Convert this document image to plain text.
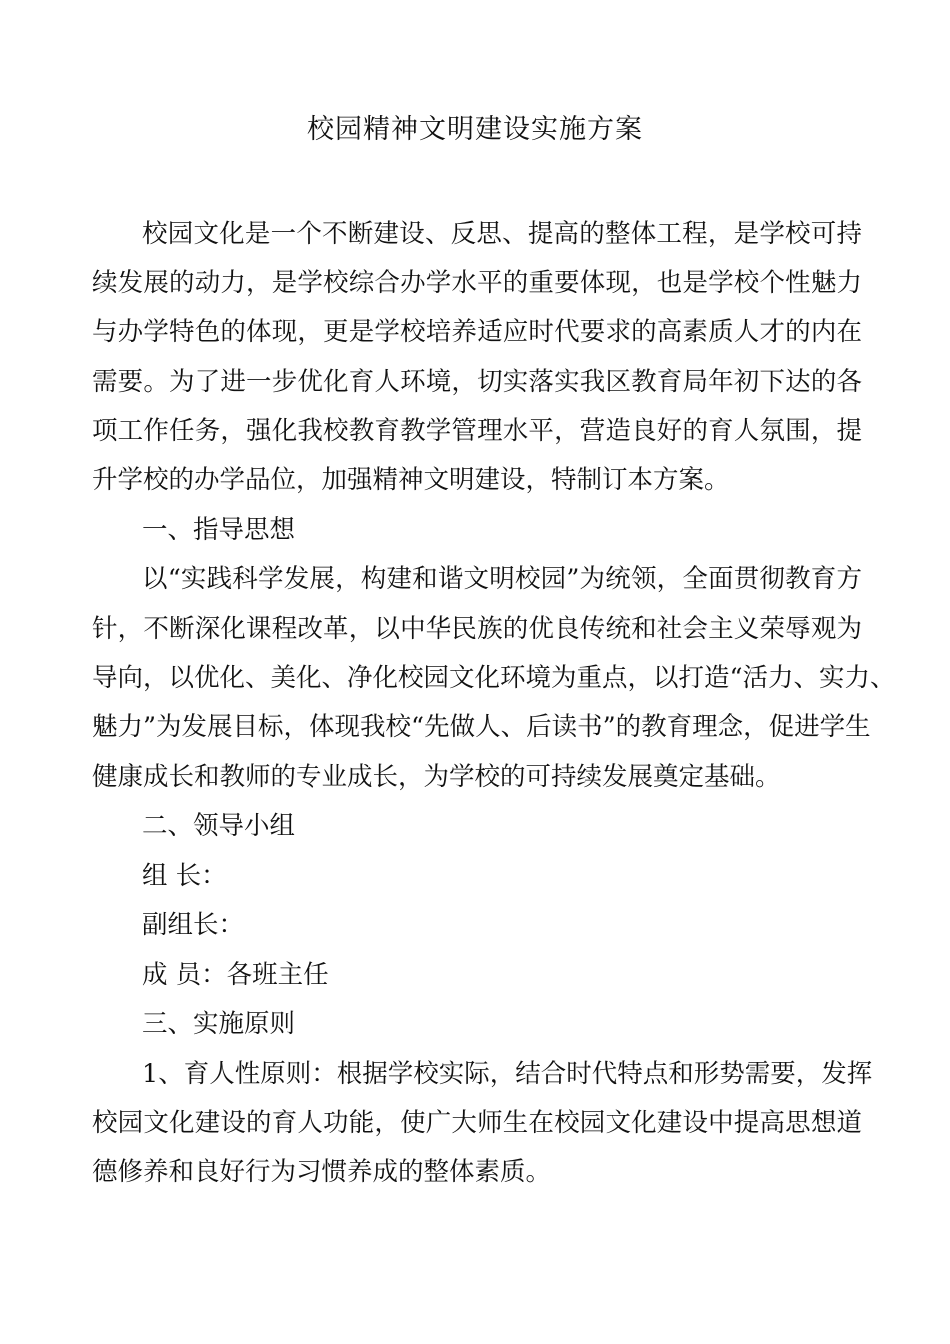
校园精神文明建设实施方案

校园文化是一个不断建设、反思、提高的整体工程，是学校可持

续发展的动力，是学校综合办学水平的重要体现，也是学校个性魅力

与办学特色的体现，更是学校培养适应时代要求的高素质人才的内在

需要。为了进一步优化育人环境，切实落实我区教育局年初下达的各

项工作任务，强化我校教育教学管理水平，营造良好的育人氛围，提

升学校的办学品位，加强精神文明建设，特制订本方案。

一、指导思想

以“实践科学发展，构建和谐文明校园”为统领，全面贯彻教育方

针，不断深化课程改革，以中华民族的优良传统和社会主义荣辱观为

导向，以优化、美化、净化校园文化环境为重点，以打造“活力、实力、

魅力”为发展目标，体现我校“先做人、后读书”的教育理念，促进学生

健康成长和教师的专业成长，为学校的可持续发展奠定基础。

二、领导小组

组 长：

副组长：

成 员：各班主任

三、实施原则

1、育人性原则：根据学校实际，结合时代特点和形势需要，发挥

校园文化建设的育人功能，使广大师生在校园文化建设中提高思想道

德修养和良好行为习惯养成的整体素质。
